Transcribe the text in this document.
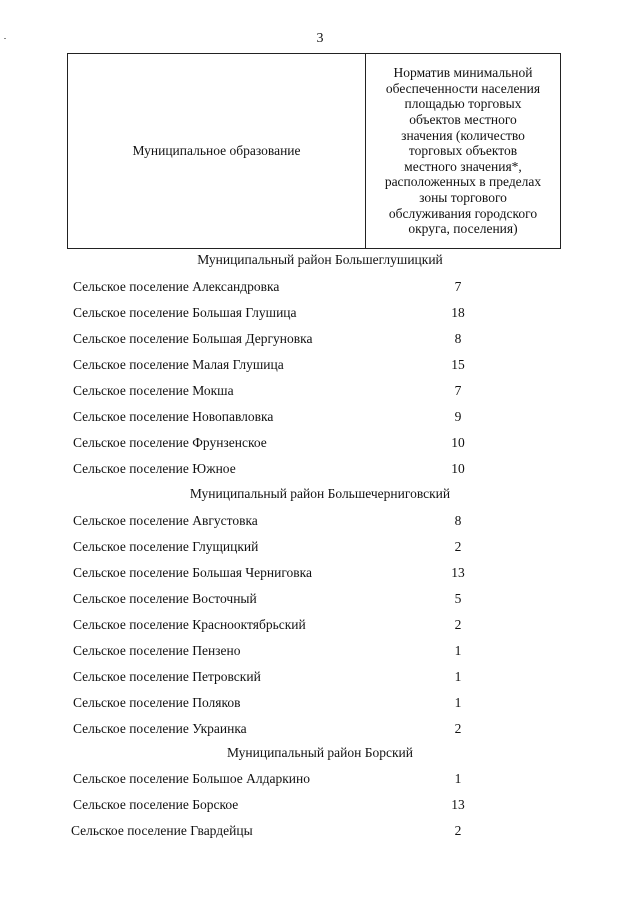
3
Муниципальное образование	
Норматив минимальной
обеспеченности населения
площадью торговых
объектов местного
значения (количество
торговых объектов
местного значения*,
расположенных в пределах
зоны торгового
обслуживания городского
округа, поселения)
Муниципальный район Большеглушицкий
Сельское поселение Александровка	7
Сельское поселение Большая Глушица	18
Сельское поселение Большая Дергуновка	8
Сельское поселение Малая Глушица	15
Сельское поселение Мокша	7
Сельское поселение Новопавловка	9
Сельское поселение Фрунзенское	10
Сельское поселение Южное	10
Муниципальный район Большечерниговский
Сельское поселение Августовка	8
Сельское поселение Глущицкий	2
Сельское поселение Большая Черниговка	13
Сельское поселение Восточный	5
Сельское поселение Краснооктябрьский	2
Сельское поселение Пензено	1
Сельское поселение Петровский	1
Сельское поселение Поляков	1
Сельское поселение Украинка	2
Муниципальный район Борский
Сельское поселение Большое Алдаркино	1
Сельское поселение Борское	13
Сельское поселение Гвардейцы	2
